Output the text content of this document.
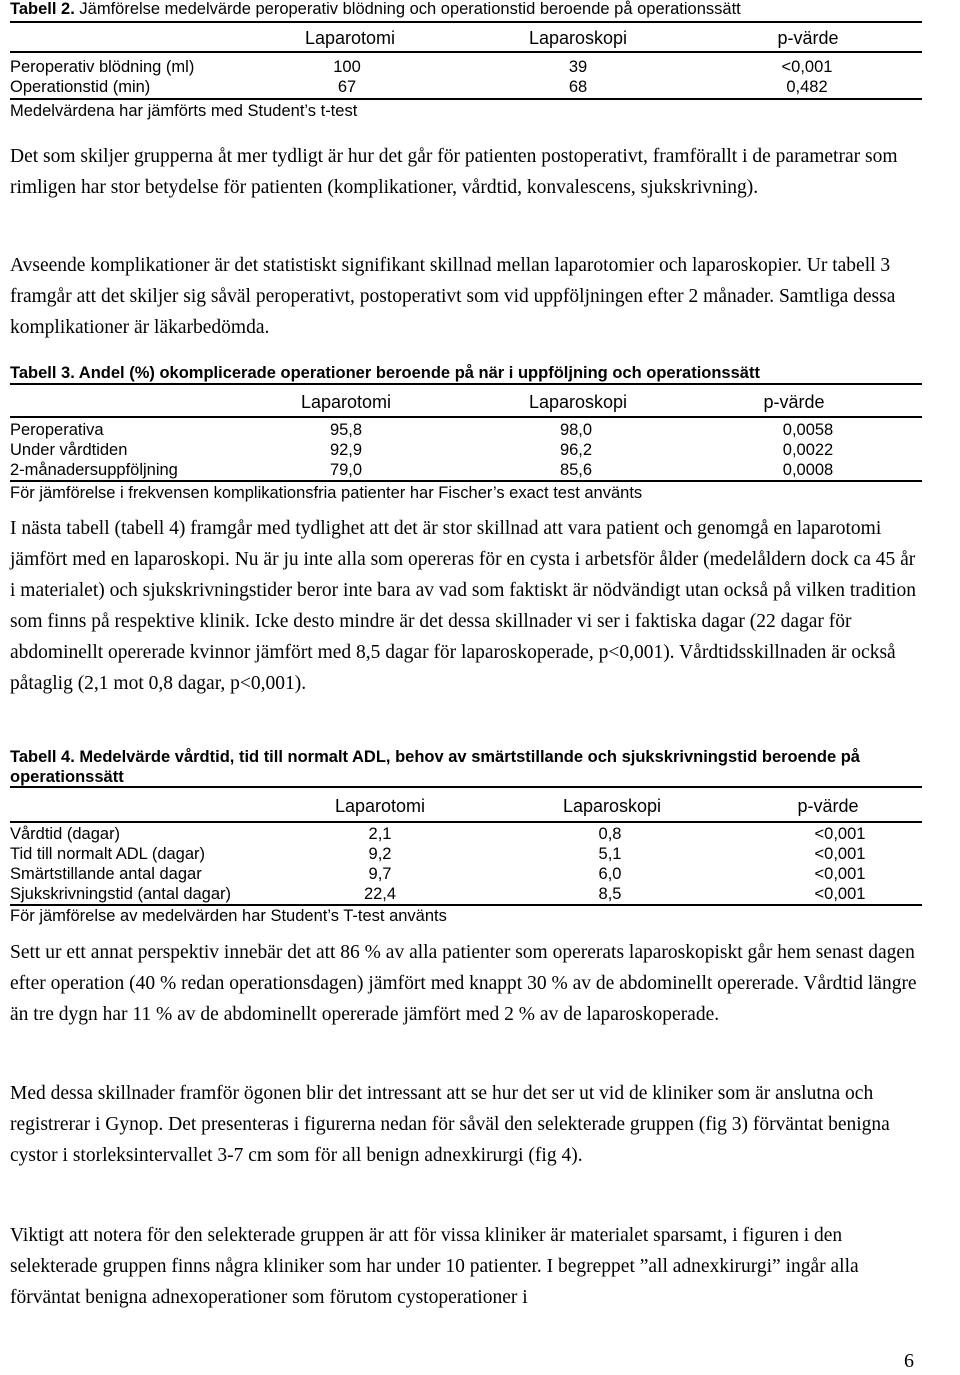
Tabell 2. Jämförelse medelvärde peroperativ blödning och operationstid beroende på operationssätt
Laparotomi	Laparoskopi	p-värde
Peroperativ blödning (ml)	100	39	<0,001
Operationstid (min)	67	68	0,482
Medelvärdena har jämförts med Student’s t-test

Det som skiljer grupperna åt mer tydligt är hur det går för patienten postoperativt, framförallt i de parametrar som rimligen har stor betydelse för patienten (komplikationer, vårdtid, konvalescens, sjukskrivning).

Avseende komplikationer är det statistiskt signifikant skillnad mellan laparotomier och laparoskopier. Ur tabell 3 framgår att det skiljer sig såväl peroperativt, postoperativt som vid uppföljningen efter 2 månader. Samtliga dessa komplikationer är läkarbedömda.

Tabell 3. Andel (%) okomplicerade operationer beroende på när i uppföljning och operationssätt
Laparotomi	Laparoskopi	p-värde
Peroperativa	95,8	98,0	0,0058
Under vårdtiden	92,9	96,2	0,0022
2-månadersuppföljning	79,0	85,6	0,0008
För jämförelse i frekvensen komplikationsfria patienter har Fischer’s exact test använts

I nästa tabell (tabell 4) framgår med tydlighet att det är stor skillnad att vara patient och genomgå en laparotomi jämfört med en laparoskopi. Nu är ju inte alla som opereras för en cysta i arbetsför ålder (medelåldern dock ca 45 år i materialet) och sjukskrivningstider beror inte bara av vad som faktiskt är nödvändigt utan också på vilken tradition som finns på respektive klinik. Icke desto mindre är det dessa skillnader vi ser i faktiska dagar (22 dagar för abdominellt opererade kvinnor jämfört med 8,5 dagar för laparoskoperade, p<0,001). Vårdtidsskillnaden är också påtaglig (2,1 mot 0,8 dagar, p<0,001).

Tabell 4. Medelvärde vårdtid, tid till normalt ADL, behov av smärtstillande och sjukskrivningstid beroende på operationssätt
Laparotomi	Laparoskopi	p-värde
Vårdtid (dagar)	2,1	0,8	<0,001
Tid till normalt ADL (dagar)	9,2	5,1	<0,001
Smärtstillande antal dagar	9,7	6,0	<0,001
Sjukskrivningstid (antal dagar)	22,4	8,5	<0,001
För jämförelse av medelvärden har Student’s T-test använts

Sett ur ett annat perspektiv innebär det att 86 % av alla patienter som opererats laparoskopiskt går hem senast dagen efter operation (40 % redan operationsdagen) jämfört med knappt 30 % av de abdominellt opererade. Vårdtid längre än tre dygn har 11 % av de abdominellt opererade jämfört med 2 % av de laparoskoperade.

Med dessa skillnader framför ögonen blir det intressant att se hur det ser ut vid de kliniker som är anslutna och registrerar i Gynop. Det presenteras i figurerna nedan för såväl den selekterade gruppen (fig 3) förväntat benigna cystor i storleksintervallet 3-7 cm som för all benign adnexkirurgi (fig 4).

Viktigt att notera för den selekterade gruppen är att för vissa kliniker är materialet sparsamt, i figuren i den selekterade gruppen finns några kliniker som har under 10 patienter. I begreppet ”all adnexkirurgi” ingår alla förväntat benigna adnexoperationer som förutom cystoperationer i

6
